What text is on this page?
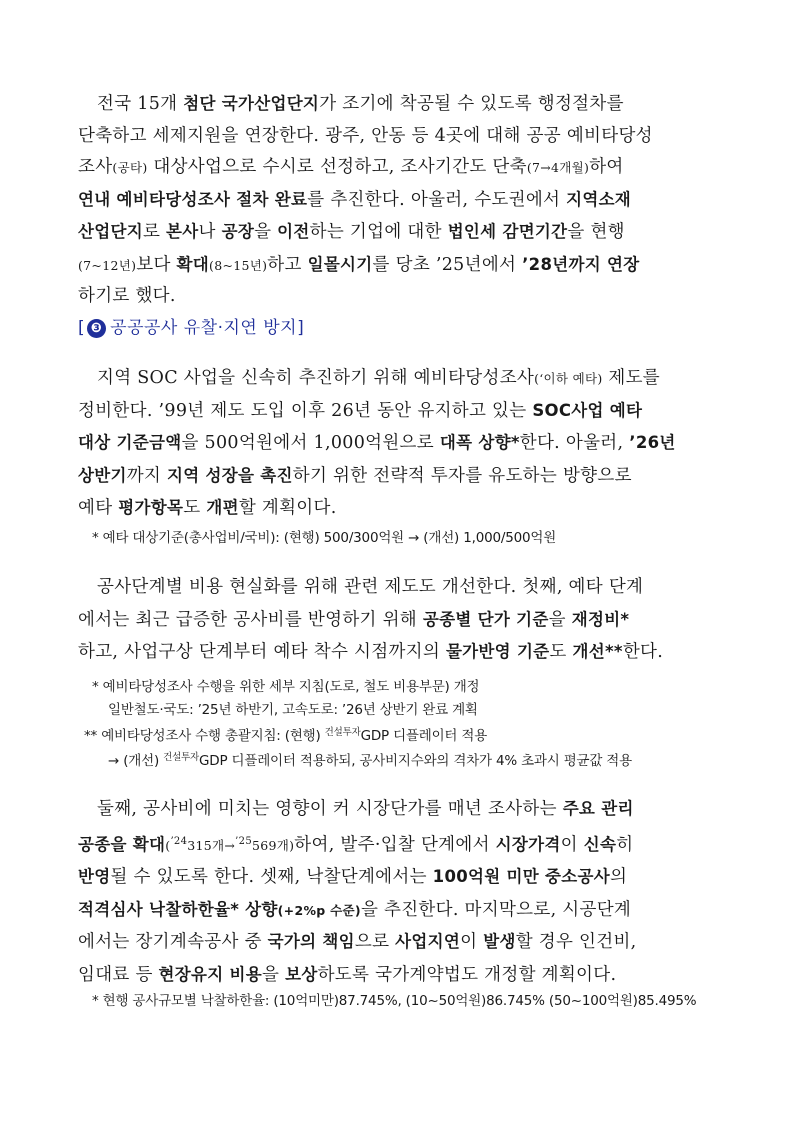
전국 15개 첨단 국가산업단지가 조기에 착공될 수 있도록 행정절차를
단축하고 세제지원을 연장한다. 광주, 안동 등 4곳에 대해 공공 예비타당성
조사(공타) 대상사업으로 수시로 선정하고, 조사기간도 단축(7→4개월)하여
연내 예비타당성조사 절차 완료를 추진한다. 아울러, 수도권에서 지역소재
산업단지로 본사나 공장을 이전하는 기업에 대한 법인세 감면기간을 현행
(7~12년)보다 확대(8~15년)하고 일몰시기를 당초 ’25년에서 ’28년까지 연장
하기로 했다.
[ ❸ 공공공사 유찰·지연 방지]
지역 SOC 사업을 신속히 추진하기 위해 예비타당성조사(‘이하 예타) 제도를
정비한다. ’99년 제도 도입 이후 26년 동안 유지하고 있는 SOC사업 예타
대상 기준금액을 500억원에서 1,000억원으로 대폭 상향*한다. 아울러, ’26년
상반기까지 지역 성장을 촉진하기 위한 전략적 투자를 유도하는 방향으로
예타 평가항목도 개편할 계획이다.
* 예타 대상기준(총사업비/국비): (현행) 500/300억원 → (개선) 1,000/500억원
공사단계별 비용 현실화를 위해 관련 제도도 개선한다. 첫째, 예타 단계
에서는 최근 급증한 공사비를 반영하기 위해 공종별 단가 기준을 재정비*
하고, 사업구상 단계부터 예타 착수 시점까지의 물가반영 기준도 개선**한다.
* 예비타당성조사 수행을 위한 세부 지침(도로, 철도 비용부문) 개정
일반철도·국도: ’25년 하반기, 고속도로: ’26년 상반기 완료 계획
** 예비타당성조사 수행 총괄지침: (현행) $^{건설투자}$GDP 디플레이터 적용
→ (개선) $^{건설투자}$GDP 디플레이터 적용하되, 공사비지수와의 격차가 4% 초과시 평균값 적용
둘째, 공사비에 미치는 영향이 커 시장단가를 매년 조사하는 주요 관리
공종을 확대($^{’24}$315개→$^{’25}$569개)하여, 발주·입찰 단계에서 시장가격이 신속히
반영될 수 있도록 한다. 셋째, 낙찰단계에서는 100억원 미만 중소공사의
적격심사 낙찰하한율* 상향(+2%p 수준)을 추진한다. 마지막으로, 시공단계
에서는 장기계속공사 중 국가의 책임으로 사업지연이 발생할 경우 인건비,
임대료 등 현장유지 비용을 보상하도록 국가계약법도 개정할 계획이다.
* 현행 공사규모별 낙찰하한율: (10억미만)87.745%, (10~50억원)86.745% (50~100억원)85.495%
